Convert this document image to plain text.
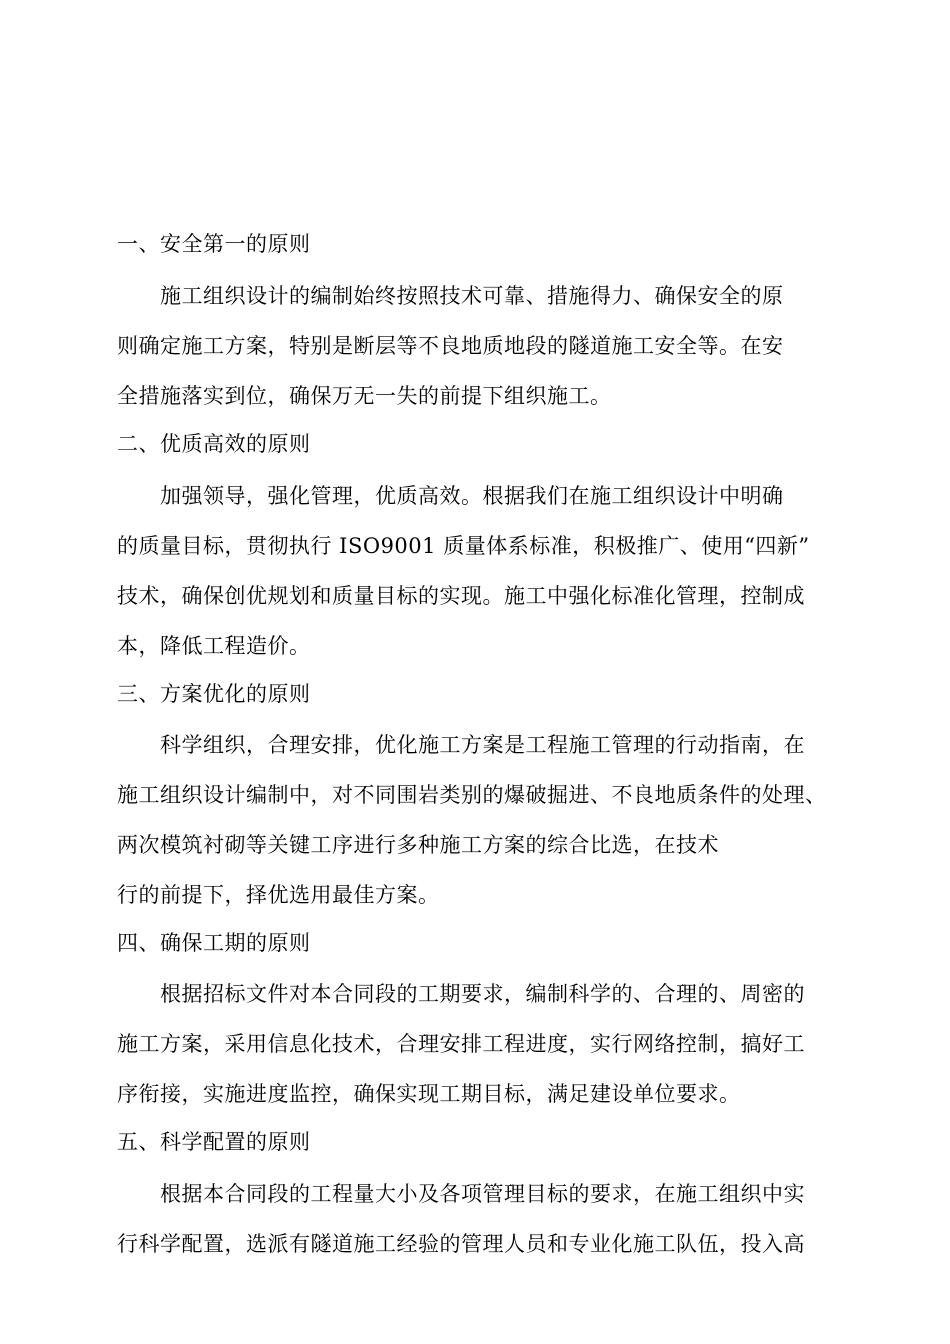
一、安全第一的原则
施工组织设计的编制始终按照技术可靠、措施得力、确保安全的原
则确定施工方案，特别是断层等不良地质地段的隧道施工安全等。在安
全措施落实到位，确保万无一失的前提下组织施工。
二、优质高效的原则
加强领导，强化管理，优质高效。根据我们在施工组织设计中明确
的质量目标，贯彻执行 ISO9001 质量体系标准，积极推广、使用“四新”
技术，确保创优规划和质量目标的实现。施工中强化标准化管理，控制成
本，降低工程造价。
三、方案优化的原则
科学组织，合理安排，优化施工方案是工程施工管理的行动指南，在
施工组织设计编制中，对不同围岩类别的爆破掘进、不良地质条件的处理、
两次模筑衬砌等关键工序进行多种施工方案的综合比选，在技术
行的前提下，择优选用最佳方案。
四、确保工期的原则
根据招标文件对本合同段的工期要求，编制科学的、合理的、周密的
施工方案，采用信息化技术，合理安排工程进度，实行网络控制，搞好工
序衔接，实施进度监控，确保实现工期目标，满足建设单位要求。
五、科学配置的原则
根据本合同段的工程量大小及各项管理目标的要求，在施工组织中实
行科学配置，选派有隧道施工经验的管理人员和专业化施工队伍，投入高
